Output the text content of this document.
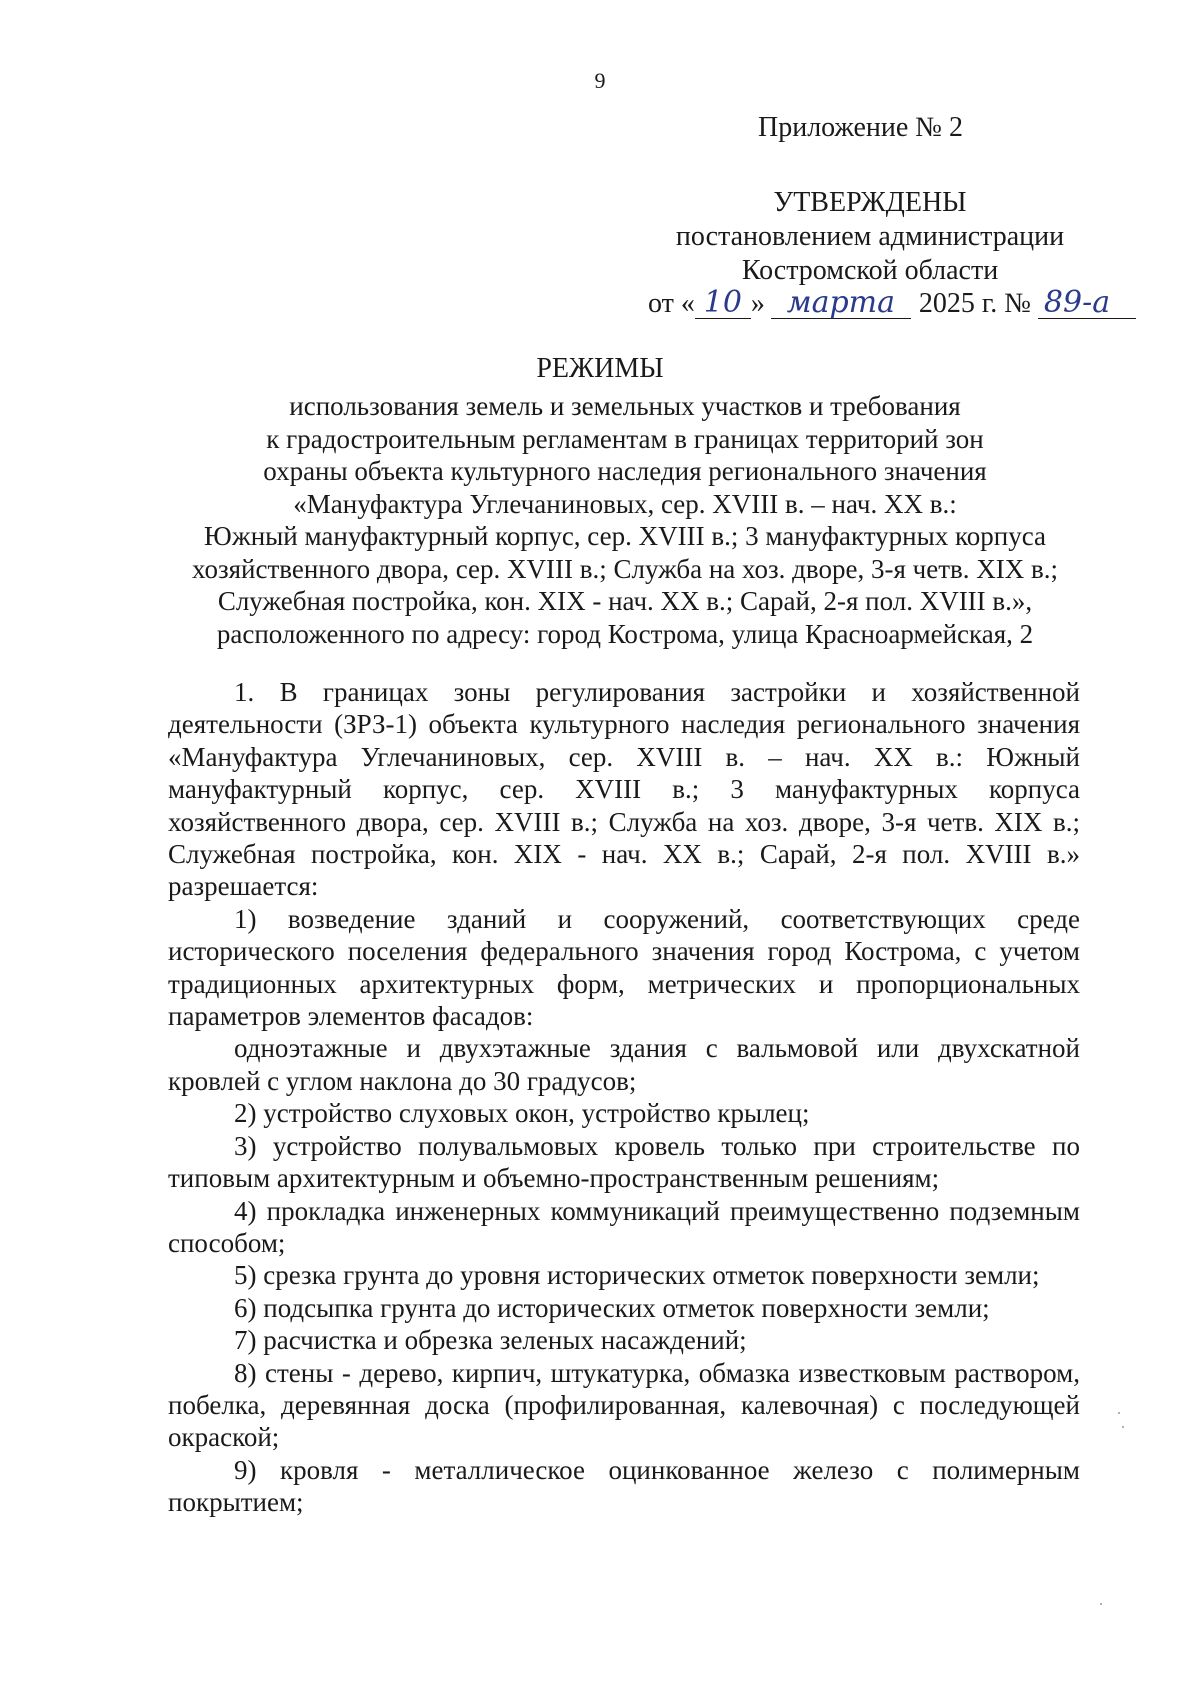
9
Приложение № 2
УТВЕРЖДЕНЫ
постановлением администрации
Костромской области
от « 10 » марта 2025 г. № 89-а
РЕЖИМЫ
использования земель и земельных участков и требования
к градостроительным регламентам в границах территорий зон
охраны объекта культурного наследия регионального значения
«Мануфактура Углечаниновых, сер. XVIII в. – нач. XX в.:
Южный мануфактурный корпус, сер. XVIII в.; 3 мануфактурных корпуса
хозяйственного двора, сер. XVIII в.; Служба на хоз. дворе, 3-я четв. XIX в.;
Служебная постройка, кон. XIX - нач. XX в.; Сарай, 2-я пол. XVIII в.»,
расположенного по адресу: город Кострома, улица Красноармейская, 2

1. В границах зоны регулирования застройки и хозяйственной деятельности (ЗРЗ-1) объекта культурного наследия регионального значения «Мануфактура Углечаниновых, сер. XVIII в. – нач. XX в.: Южный мануфактурный корпус, сер. XVIII в.; 3 мануфактурных корпуса хозяйственного двора, сер. XVIII в.; Служба на хоз. дворе, 3-я четв. XIX в.; Служебная постройка, кон. XIX - нач. XX в.; Сарай, 2-я пол. XVIII в.» разрешается:

1) возведение зданий и сооружений, соответствующих среде исторического поселения федерального значения город Кострома, с учетом традиционных архитектурных форм, метрических и пропорциональных параметров элементов фасадов:

одноэтажные и двухэтажные здания с вальмовой или двухскатной кровлей с углом наклона до 30 градусов;

2) устройство слуховых окон, устройство крылец;

3) устройство полувальмовых кровель только при строительстве по типовым архитектурным и объемно-пространственным решениям;

4) прокладка инженерных коммуникаций преимущественно подземным способом;

5) срезка грунта до уровня исторических отметок поверхности земли;

6) подсыпка грунта до исторических отметок поверхности земли;

7) расчистка и обрезка зеленых насаждений;

8) стены - дерево, кирпич, штукатурка, обмазка известковым раствором, побелка, деревянная доска (профилированная, калевочная) с последующей окраской;

9) кровля - металлическое оцинкованное железо с полимерным покрытием;
